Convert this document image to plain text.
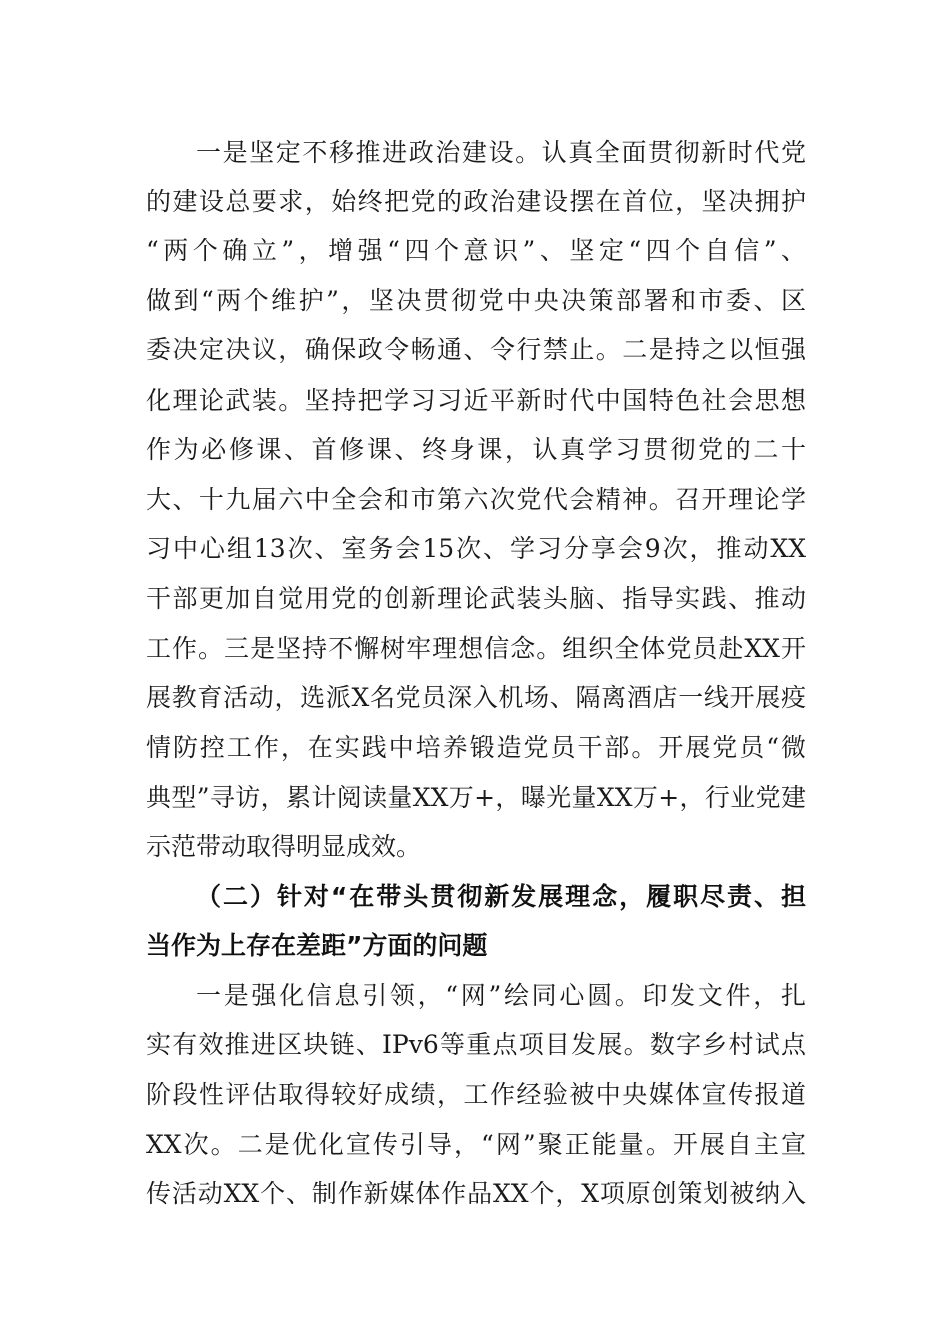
一是坚定不移推进政治建设。认真全面贯彻新时代党
的建设总要求，始终把党的政治建设摆在首位，坚决拥护
“两个确立”，增强“四个意识”、坚定“四个自信”、
做到“两个维护”，坚决贯彻党中央决策部署和市委、区
委决定决议，确保政令畅通、令行禁止。二是持之以恒强
化理论武装。坚持把学习习近平新时代中国特色社会思想
作为必修课、首修课、终身课，认真学习贯彻党的二十
大、十九届六中全会和市第六次党代会精神。召开理论学
习中心组13次、室务会15次、学习分享会9次，推动XX
干部更加自觉用党的创新理论武装头脑、指导实践、推动
工作。三是坚持不懈树牢理想信念。组织全体党员赴XX开
展教育活动，选派X名党员深入机场、隔离酒店一线开展疫
情防控工作，在实践中培养锻造党员干部。开展党员“微
典型”寻访，累计阅读量XX万+，曝光量XX万+，行业党建
示范带动取得明显成效。
（二）针对“在带头贯彻新发展理念，履职尽责、担
当作为上存在差距”方面的问题
一是强化信息引领，“网”绘同心圆。印发文件，扎
实有效推进区块链、IPv6等重点项目发展。数字乡村试点
阶段性评估取得较好成绩，工作经验被中央媒体宣传报道
XX次。二是优化宣传引导，“网”聚正能量。开展自主宣
传活动XX个、制作新媒体作品XX个，X项原创策划被纳入
